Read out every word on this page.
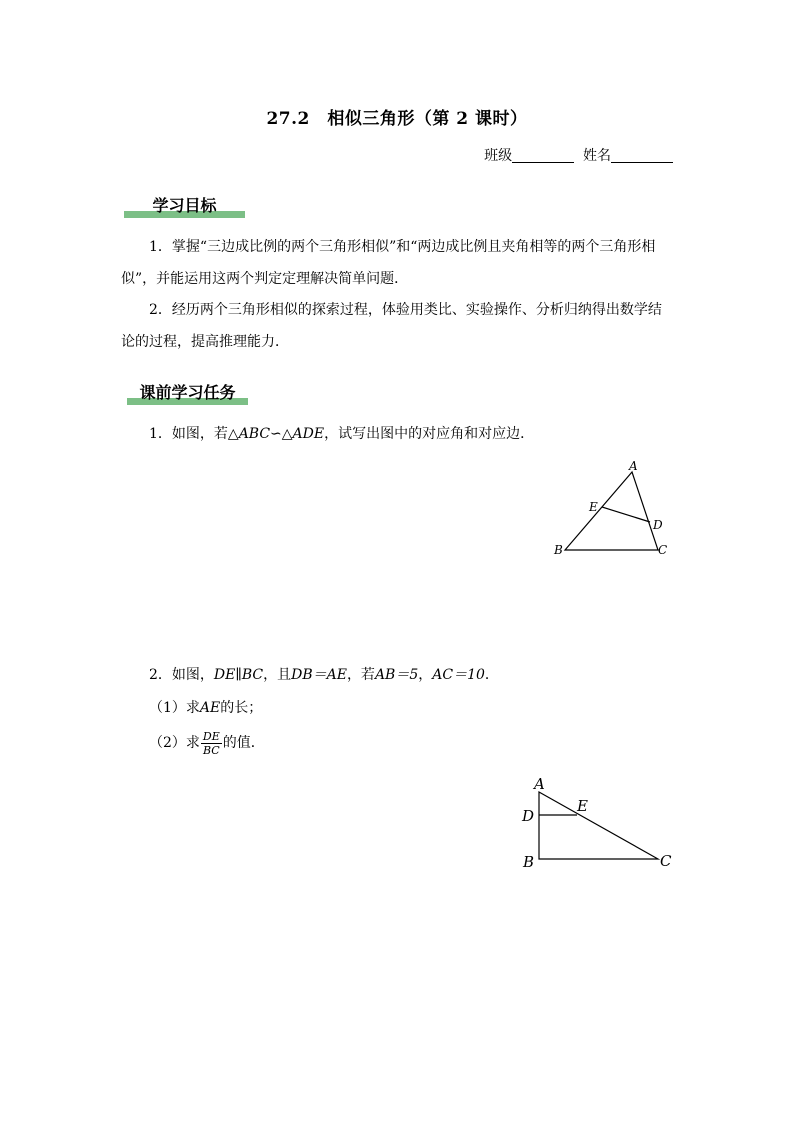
27.2　相似三角形（第 2 课时）
班级	姓名
学习目标
1．掌握“三边成比例的两个三角形相似”和“两边成比例且夹角相等的两个三角形相似”，并能运用这两个判定定理解决简单问题．
2．经历两个三角形相似的探索过程，体验用类比、实验操作、分析归纳得出数学结论的过程，提高推理能力．
课前学习任务
1．如图，若△ABC∽△ADE，试写出图中的对应角和对应边．
A
B	C
D
E
2．如图，DE∥BC，且DB＝AE，若AB＝5，AC＝10．
（1）求AE的长；
（2）求 $\frac{DE}{BC}$ 的值．
A
B	C
D
E
